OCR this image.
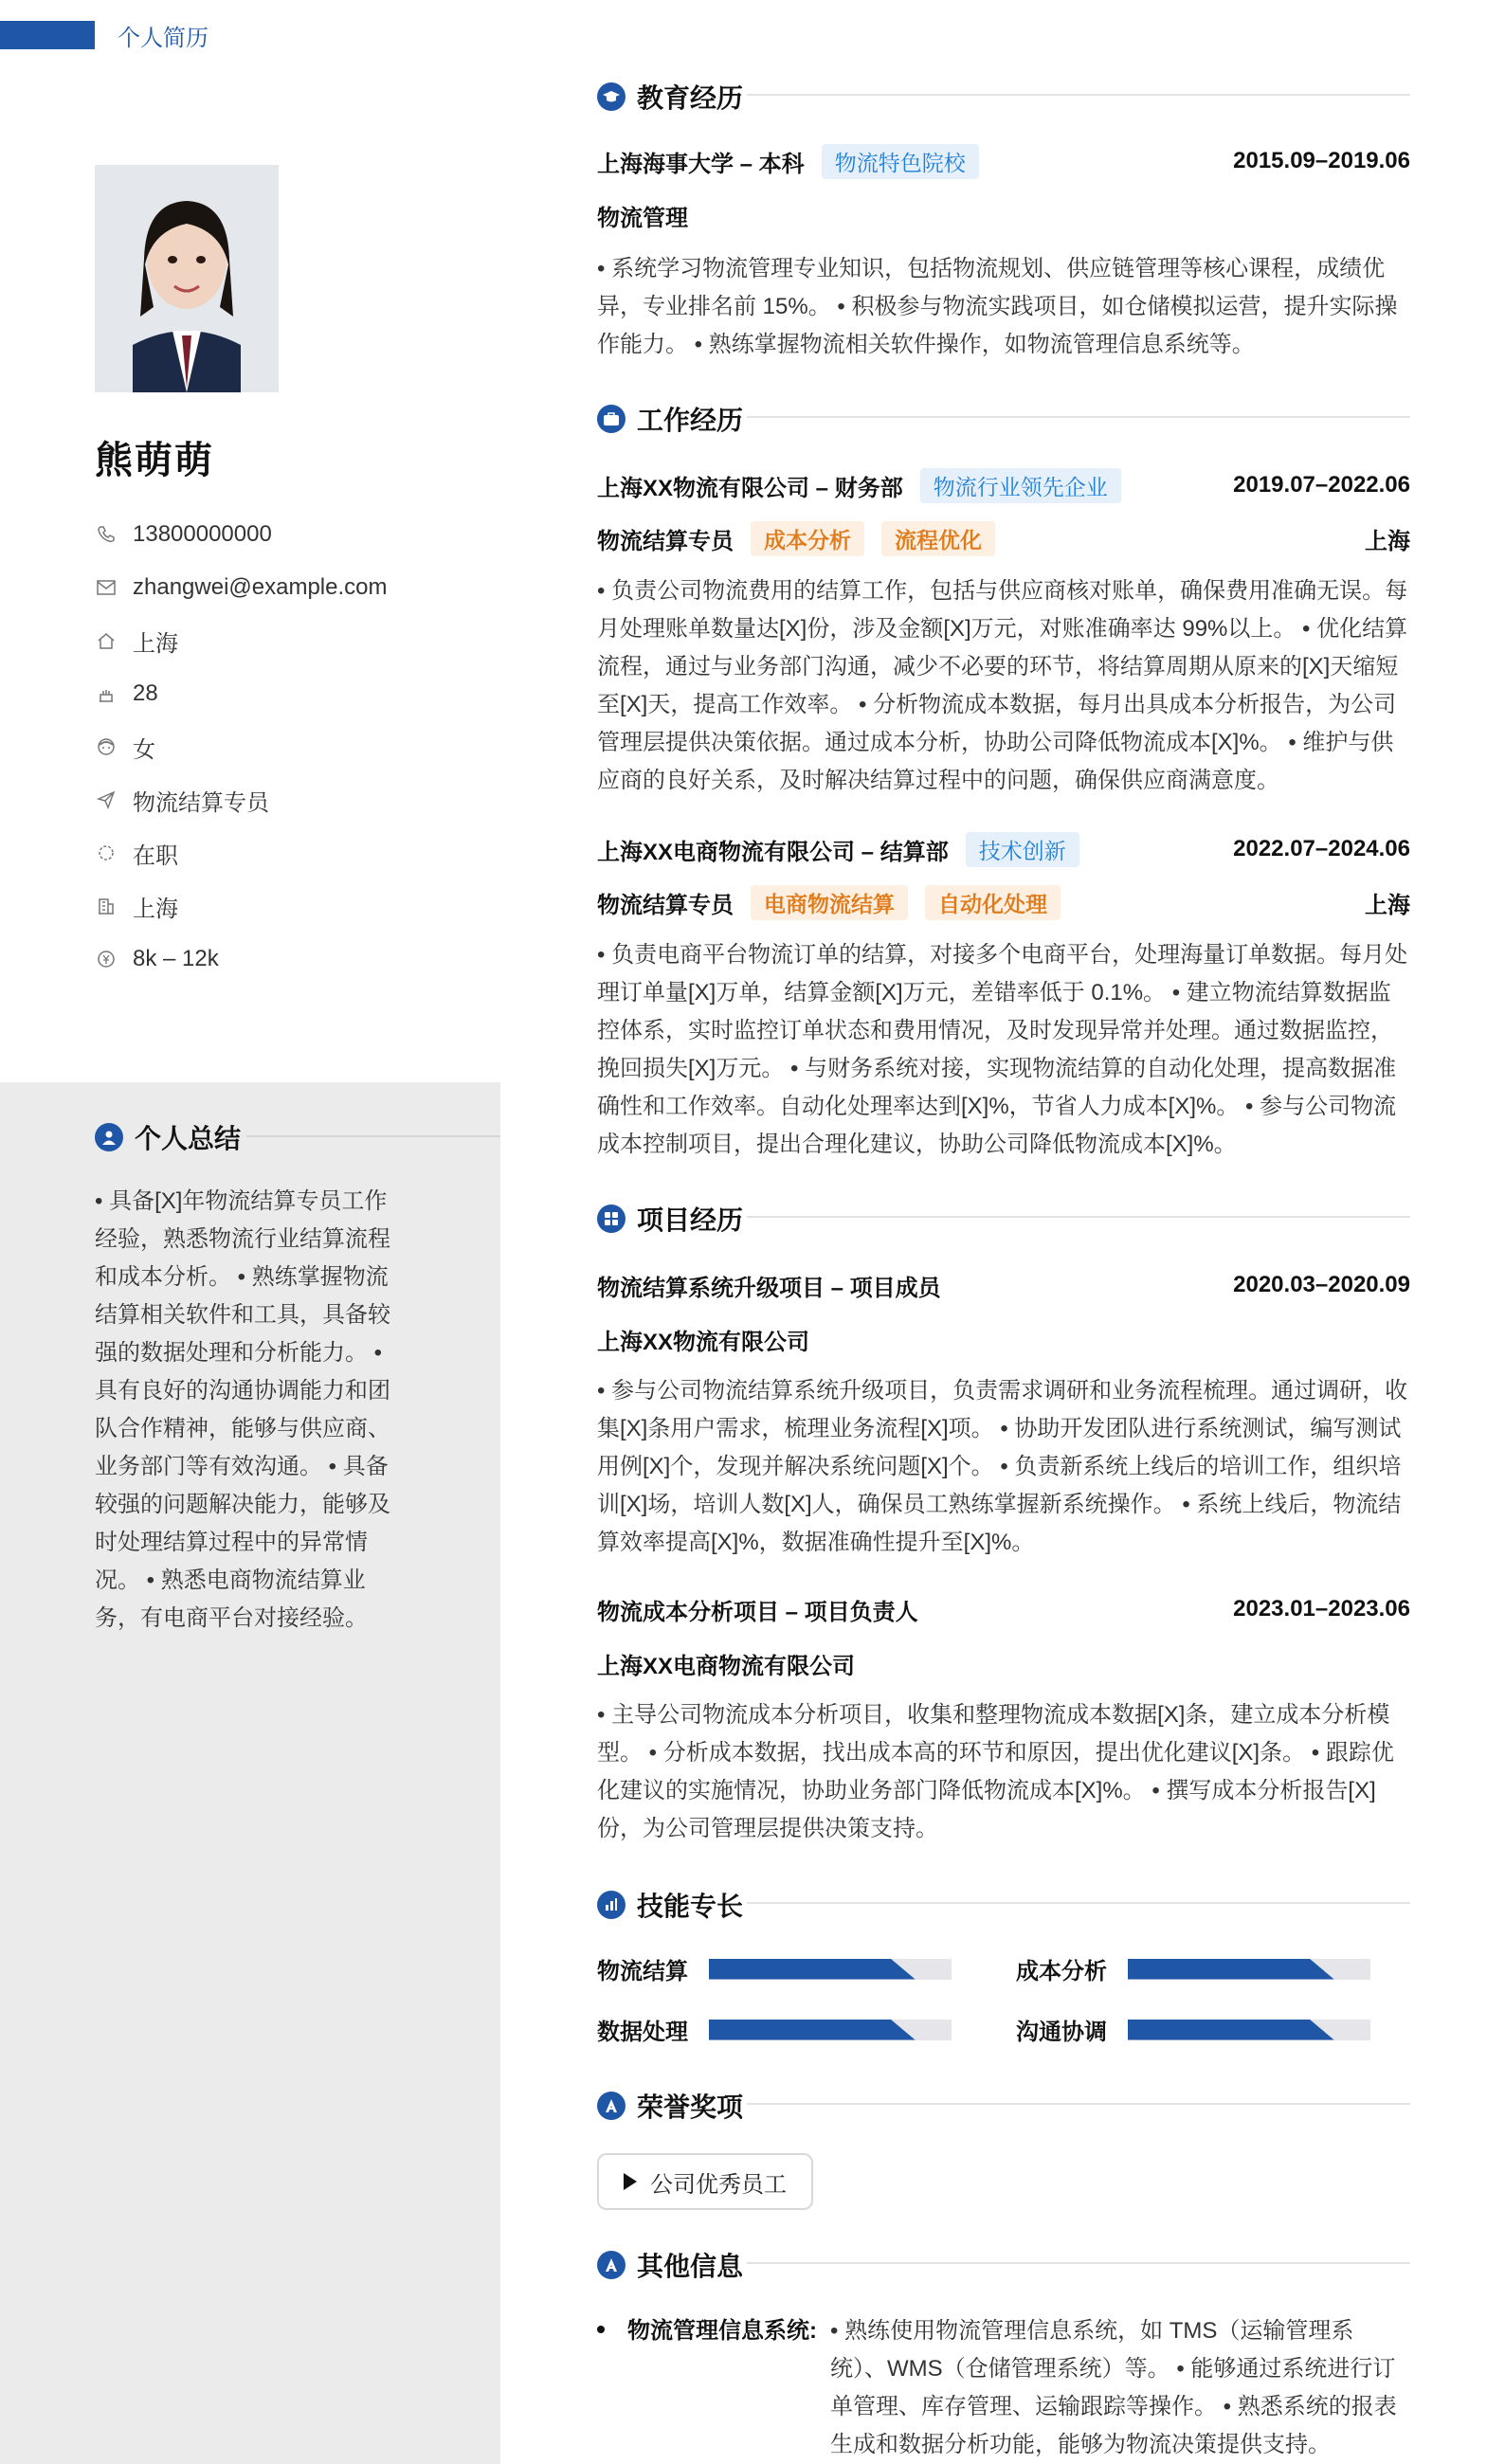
个人简历
熊萌萌
13800000000
zhangwei@example.com
上海
28
女
物流结算专员
在职
上海
8k – 12k
个人总结
• 具备[X]年物流结算专员工作经验，熟悉物流行业结算流程和成本分析。 • 熟练掌握物流结算相关软件和工具，具备较强的数据处理和分析能力。 • 具有良好的沟通协调能力和团队合作精神，能够与供应商、业务部门等有效沟通。 • 具备较强的问题解决能力，能够及时处理结算过程中的异常情况。 • 熟悉电商物流结算业务，有电商平台对接经验。
教育经历
上海海事大学 – 本科	物流特色院校	2015.09–2019.06
物流管理
• 系统学习物流管理专业知识，包括物流规划、供应链管理等核心课程，成绩优异，专业排名前 15%。 • 积极参与物流实践项目，如仓储模拟运营，提升实际操作能力。 • 熟练掌握物流相关软件操作，如物流管理信息系统等。
工作经历
上海XX物流有限公司 – 财务部	物流行业领先企业	2019.07–2022.06
物流结算专员	成本分析	流程优化	上海
• 负责公司物流费用的结算工作，包括与供应商核对账单，确保费用准确无误。每月处理账单数量达[X]份，涉及金额[X]万元，对账准确率达 99%以上。 • 优化结算流程，通过与业务部门沟通，减少不必要的环节，将结算周期从原来的[X]天缩短至[X]天，提高工作效率。 • 分析物流成本数据，每月出具成本分析报告，为公司管理层提供决策依据。通过成本分析，协助公司降低物流成本[X]%。 • 维护与供应商的良好关系，及时解决结算过程中的问题，确保供应商满意度。
上海XX电商物流有限公司 – 结算部	技术创新	2022.07–2024.06
物流结算专员	电商物流结算	自动化处理	上海
• 负责电商平台物流订单的结算，对接多个电商平台，处理海量订单数据。每月处理订单量[X]万单，结算金额[X]万元，差错率低于 0.1%。 • 建立物流结算数据监控体系，实时监控订单状态和费用情况，及时发现异常并处理。通过数据监控，挽回损失[X]万元。 • 与财务系统对接，实现物流结算的自动化处理，提高数据准确性和工作效率。自动化处理率达到[X]%，节省人力成本[X]%。 • 参与公司物流成本控制项目，提出合理化建议，协助公司降低物流成本[X]%。
项目经历
物流结算系统升级项目 – 项目成员	2020.03–2020.09
上海XX物流有限公司
• 参与公司物流结算系统升级项目，负责需求调研和业务流程梳理。通过调研，收集[X]条用户需求，梳理业务流程[X]项。 • 协助开发团队进行系统测试，编写测试用例[X]个，发现并解决系统问题[X]个。 • 负责新系统上线后的培训工作，组织培训[X]场，培训人数[X]人，确保员工熟练掌握新系统操作。 • 系统上线后，物流结算效率提高[X]%，数据准确性提升至[X]%。
物流成本分析项目 – 项目负责人	2023.01–2023.06
上海XX电商物流有限公司
• 主导公司物流成本分析项目，收集和整理物流成本数据[X]条，建立成本分析模型。 • 分析成本数据，找出成本高的环节和原因，提出优化建议[X]条。 • 跟踪优化建议的实施情况，协助业务部门降低物流成本[X]%。 • 撰写成本分析报告[X]份，为公司管理层提供决策支持。
技能专长
物流结算	成本分析
数据处理	沟通协调
荣誉奖项
公司优秀员工
其他信息
物流管理信息系统: • 熟练使用物流管理信息系统，如 TMS（运输管理系统）、WMS（仓储管理系统）等。 • 能够通过系统进行订单管理、库存管理、运输跟踪等操作。 • 熟悉系统的报表生成和数据分析功能，能够为物流决策提供支持。
